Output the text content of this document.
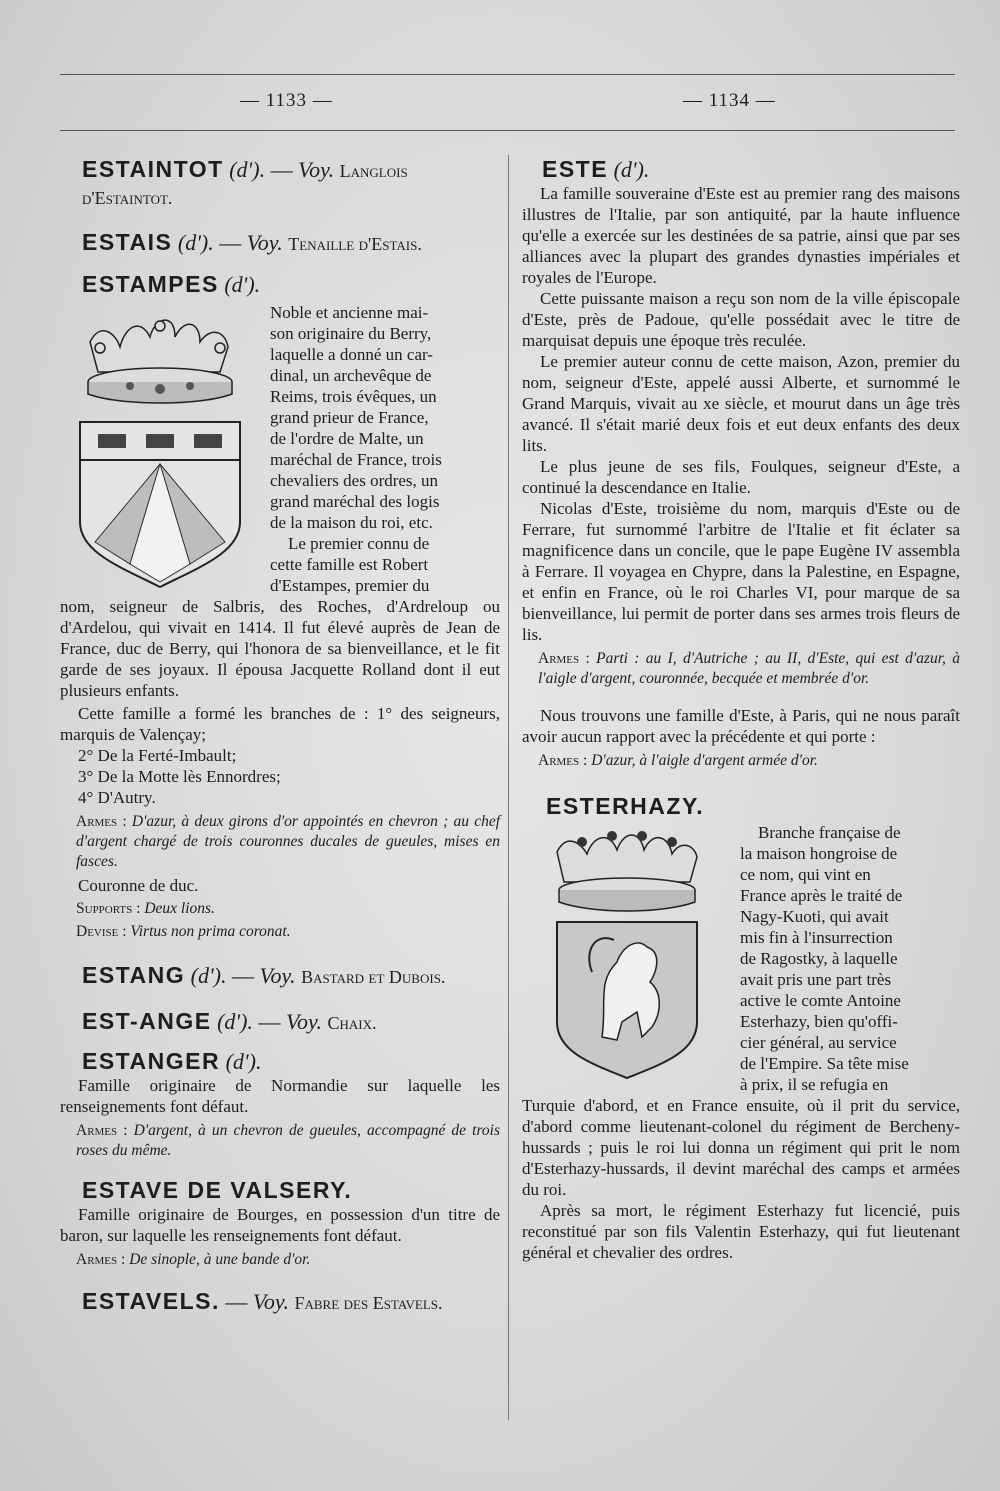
— 1133 —	— 1134 —
ESTAINTOT (d'). — Voy. Langlois d'Estaintot.
ESTAIS (d'). — Voy. Tenaille d'Estais.
ESTAMPES (d').

Noble et ancienne mai-

son originaire du Berry,

laquelle a donné un car-

dinal, un archevêque de

Reims, trois évêques, un

grand prieur de France,

de l'ordre de Malte, un

maréchal de France, trois

chevaliers des ordres, un

grand maréchal des logis

de la maison du roi, etc.

Le premier connu de

cette famille est Robert

d'Estampes, premier du

nom, seigneur de Salbris, des Roches, d'Ardreloup ou d'Ardelou, qui vivait en 1414. Il fut élevé auprès de Jean de France, duc de Berry, qui l'honora de sa bienveillance, et le fit garde de ses joyaux. Il épousa Jacquette Rolland dont il eut plusieurs enfants.

Cette famille a formé les branches de : 1° des seigneurs, marquis de Valençay;

2° De la Ferté-Imbault;

3° De la Motte lès Ennordres;

4° D'Autry.

Armes : D'azur, à deux girons d'or appointés en chevron ; au chef d'argent chargé de trois couronnes ducales de gueules, mises en fasces.

Couronne de duc.

Supports : Deux lions.

Devise : Virtus non prima coronat.

ESTANG (d'). — Voy. Bastard et Dubois.
EST-ANGE (d'). — Voy. Chaix.
ESTANGER (d').

Famille originaire de Normandie sur laquelle les renseignements font défaut.

Armes : D'argent, à un chevron de gueules, accompagné de trois roses du même.

ESTAVE DE VALSERY.

Famille originaire de Bourges, en possession d'un titre de baron, sur laquelle les renseignements font défaut.

Armes : De sinople, à une bande d'or.

ESTAVELS. — Voy. Fabre des Estavels.
ESTE (d').

La famille souveraine d'Este est au premier rang des maisons illustres de l'Italie, par son antiquité, par la haute influence qu'elle a exercée sur les destinées de sa patrie, ainsi que par ses alliances avec la plupart des grandes dynasties impériales et royales de l'Europe.

Cette puissante maison a reçu son nom de la ville épiscopale d'Este, près de Padoue, qu'elle possédait avec le titre de marquisat depuis une époque très reculée.

Le premier auteur connu de cette maison, Azon, premier du nom, seigneur d'Este, appelé aussi Alberte, et surnommé le Grand Marquis, vivait au xe siècle, et mourut dans un âge très avancé. Il s'était marié deux fois et eut deux enfants des deux lits.

Le plus jeune de ses fils, Foulques, seigneur d'Este, a continué la descendance en Italie.

Nicolas d'Este, troisième du nom, marquis d'Este ou de Ferrare, fut surnommé l'arbitre de l'Italie et fit éclater sa magnificence dans un concile, que le pape Eugène IV assembla à Ferrare. Il voyagea en Chypre, dans la Palestine, en Espagne, et enfin en France, où le roi Charles VI, pour marque de sa bienveillance, lui permit de porter dans ses armes trois fleurs de lis.

Armes : Parti : au I, d'Autriche ; au II, d'Este, qui est d'azur, à l'aigle d'argent, couronnée, becquée et membrée d'or.

Nous trouvons une famille d'Este, à Paris, qui ne nous paraît avoir aucun rapport avec la précédente et qui porte :

Armes : D'azur, à l'aigle d'argent armée d'or.

ESTERHAZY.

Branche française de

la maison hongroise de

ce nom, qui vint en

France après le traité de

Nagy-Kuoti, qui avait

mis fin à l'insurrection

de Ragostky, à laquelle

avait pris une part très

active le comte Antoine

Esterhazy, bien qu'offi-

cier général, au service

de l'Empire. Sa tête mise

à prix, il se refugia en

Turquie d'abord, et en France ensuite, où il prit du service, d'abord comme lieutenant-colonel du régiment de Bercheny-hussards ; puis le roi lui donna un régiment qui prit le nom d'Esterhazy-hussards, il devint maréchal des camps et armées du roi.

Après sa mort, le régiment Esterhazy fut licencié, puis reconstitué par son fils Valentin Esterhazy, qui fut lieutenant général et chevalier des ordres.
